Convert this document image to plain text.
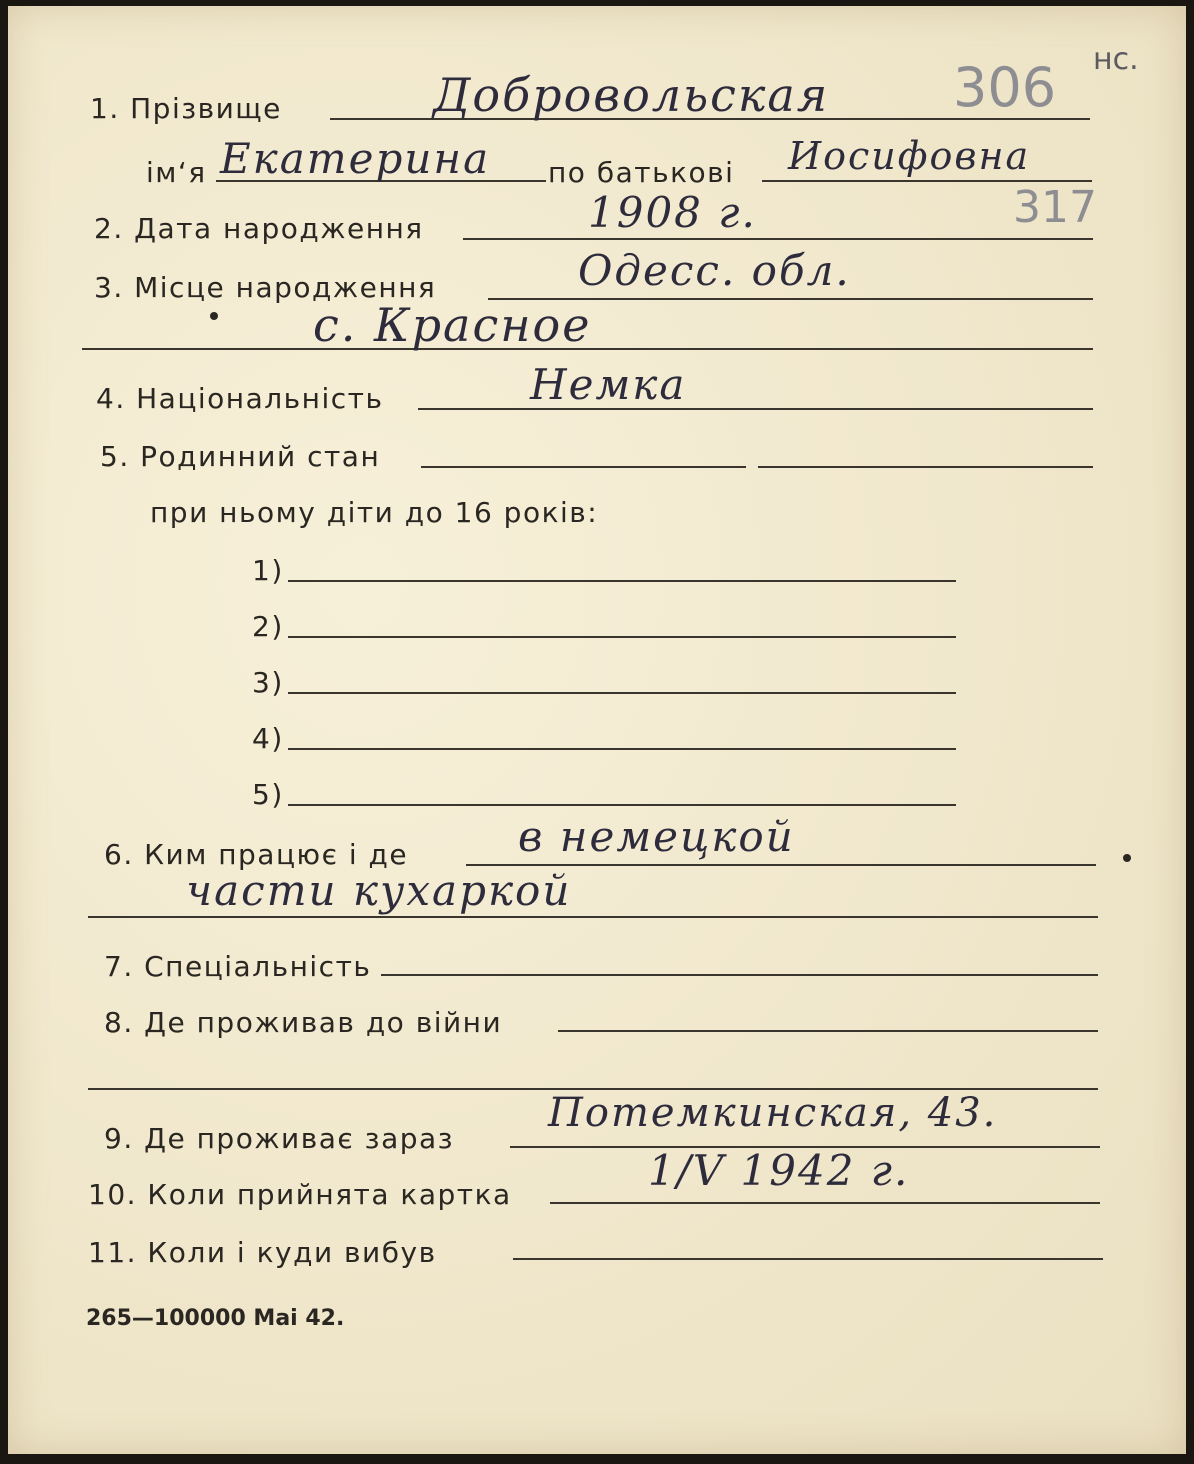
1. Прізвище	Добровольская 306 нс.
ім‘я Екатерина по батькові Иосифовна
2. Дата народження	1908 г.	317
3. Місце народження	Одесс. обл.
с. Красное
4. Національність	Немка
5. Родинний стан
при ньому діти до 16 років:
1)
2)
3)
4)
5)
6. Ким працює і де	в немецкой
части кухаркой
7. Спеціальність
8. Де проживав до війни
9. Де проживає зараз
Потемкинская, 43.
10. Коли прийнята картка	1/V 1942 г.
11. Коли і куди вибув
265—100000 Mai 42.
